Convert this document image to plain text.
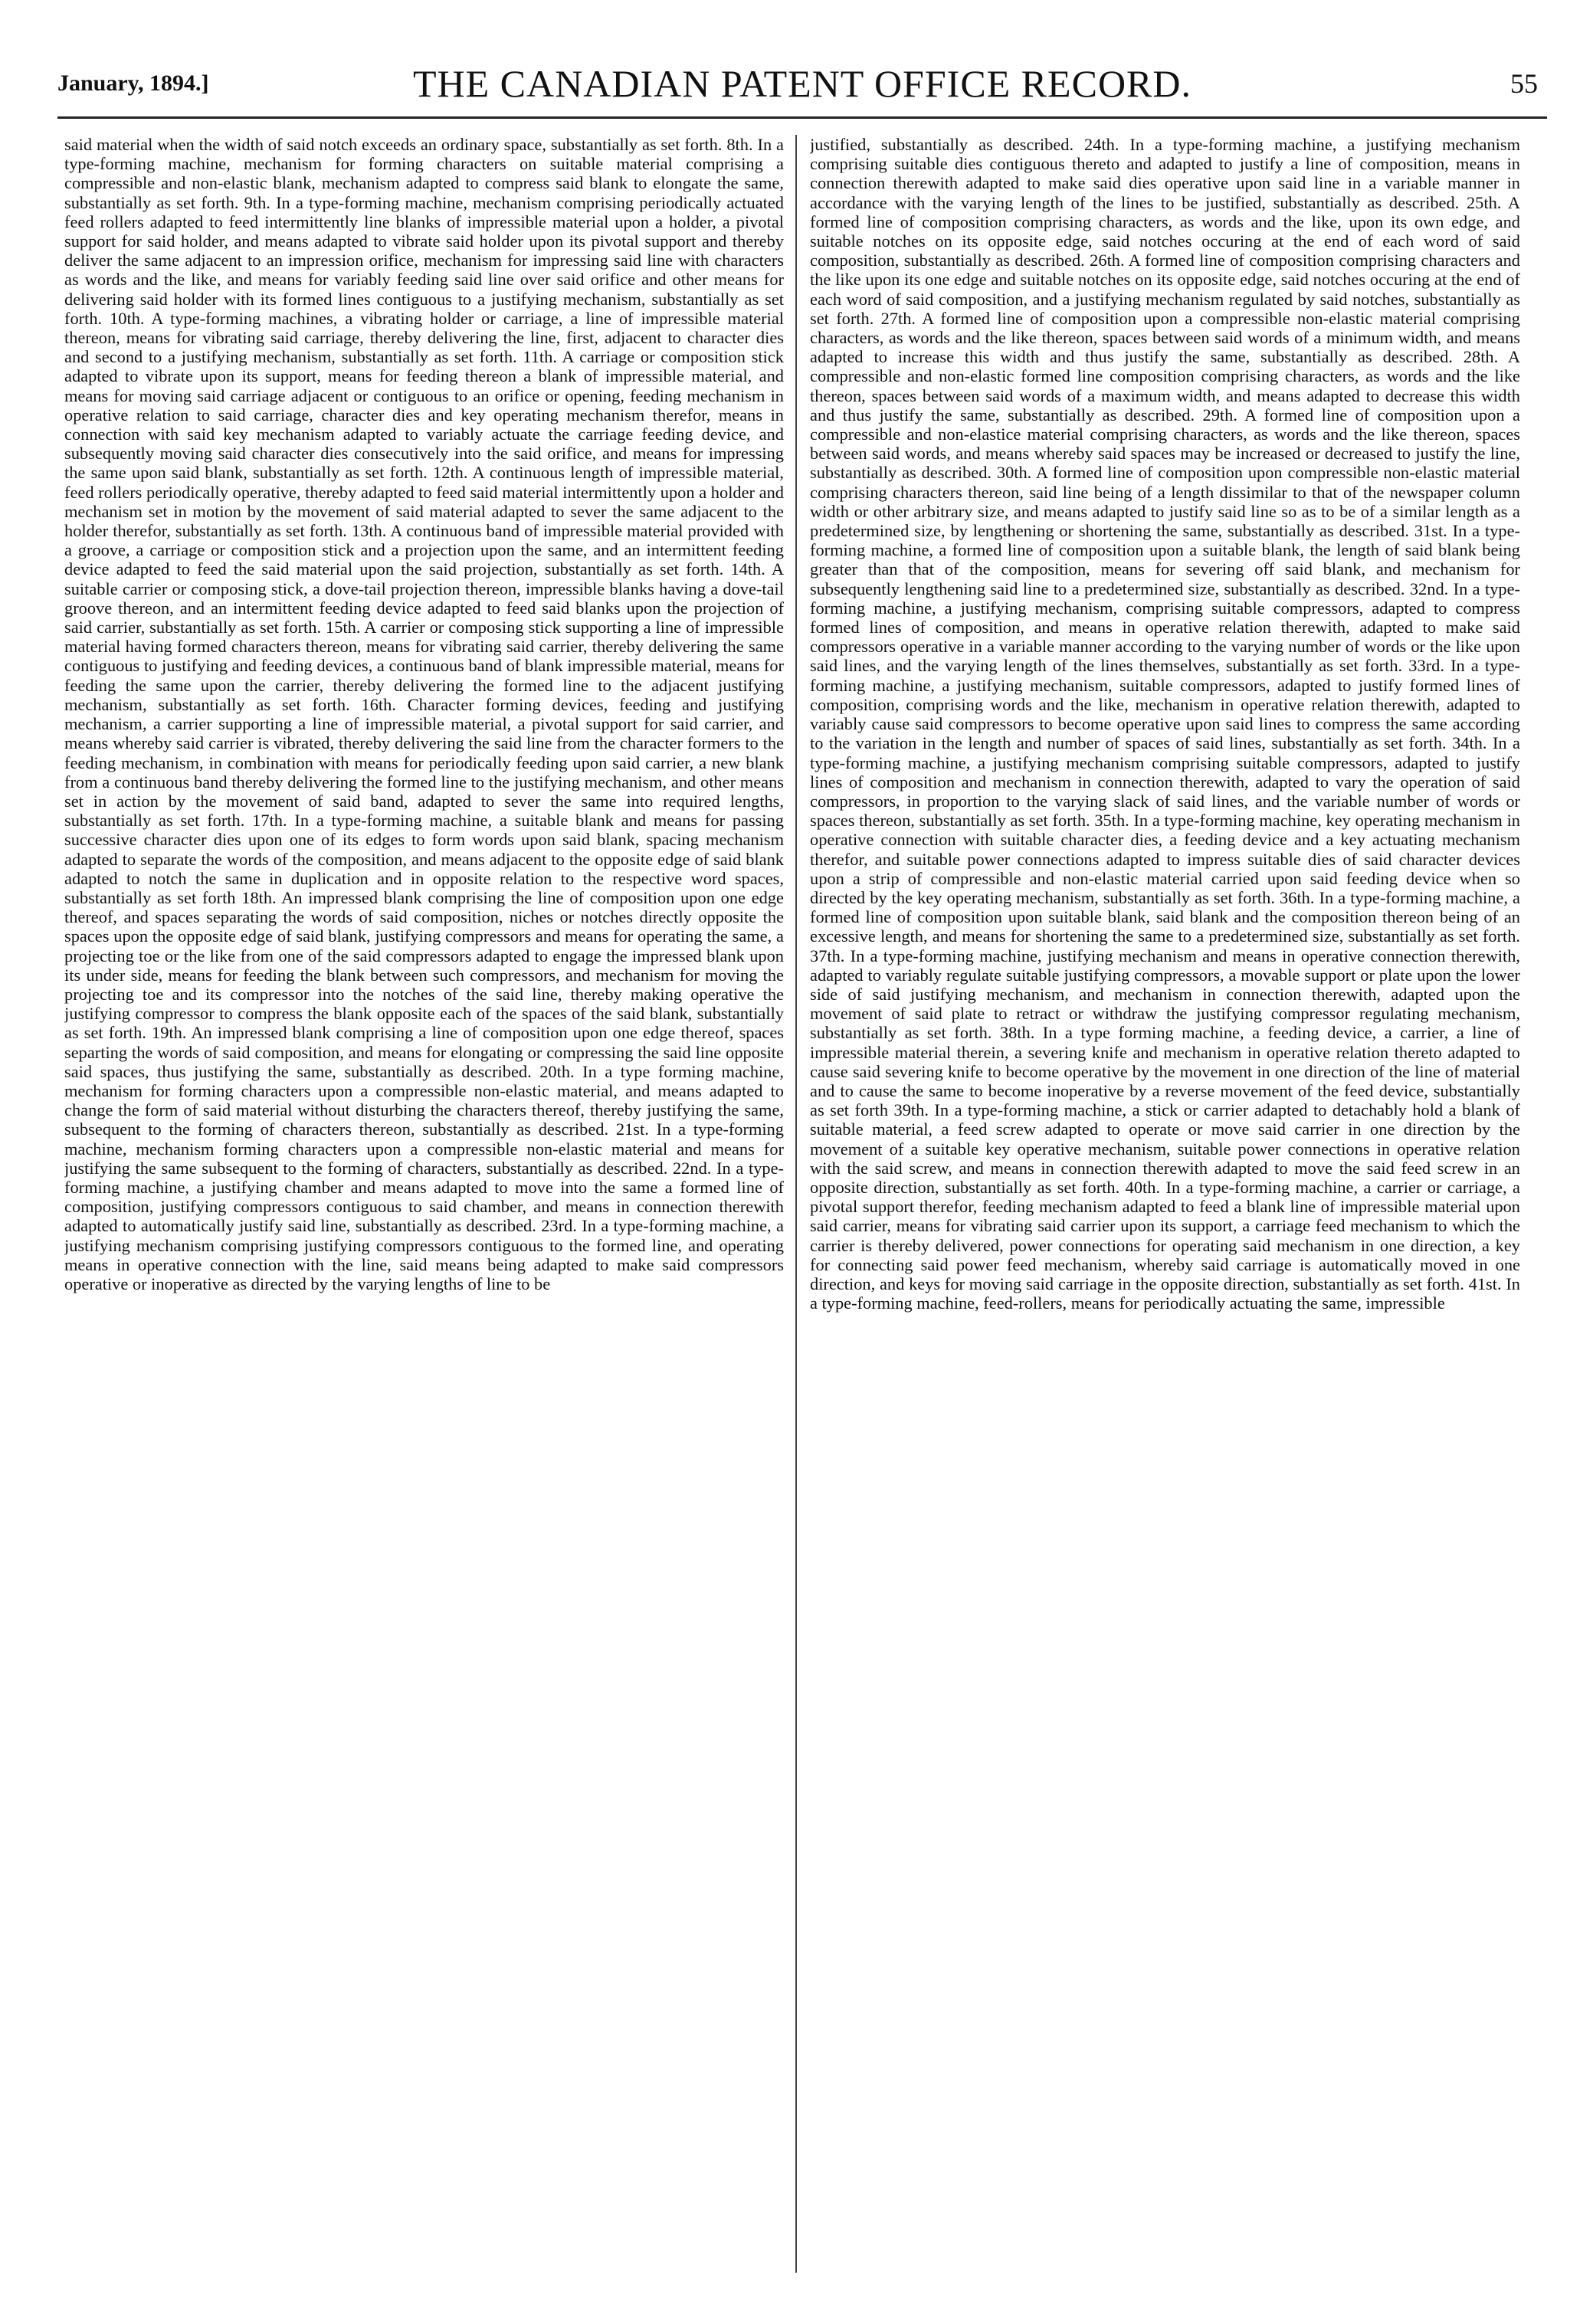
January, 1894.]	THE CANADIAN PATENT OFFICE RECORD.	55
said material when the width of said notch exceeds an ordinary space, substantially as set forth. 8th. In a type-forming machine, mechanism for forming characters on suitable material comprising a compressible and non-elastic blank, mechanism adapted to compress said blank to elongate the same, substantially as set forth. 9th. In a type-forming machine, mechanism comprising periodically actuated feed rollers adapted to feed intermittently line blanks of impressible material upon a holder, a pivotal support for said holder, and means adapted to vibrate said holder upon its pivotal support and thereby deliver the same adjacent to an impression orifice, mechanism for impressing said line with characters as words and the like, and means for variably feeding said line over said orifice and other means for delivering said holder with its formed lines contiguous to a justifying mechanism, substantially as set forth. 10th. A type-forming machines, a vibrating holder or carriage, a line of impressible material thereon, means for vibrating said carriage, thereby delivering the line, first, adjacent to character dies and second to a justifying mechanism, substantially as set forth. 11th. A carriage or composition stick adapted to vibrate upon its support, means for feeding thereon a blank of impressible material, and means for moving said carriage adjacent or contiguous to an orifice or opening, feeding mechanism in operative relation to said carriage, character dies and key operating mechanism therefor, means in connection with said key mechanism adapted to variably actuate the carriage feeding device, and subsequently moving said character dies consecutively into the said orifice, and means for impressing the same upon said blank, substantially as set forth. 12th. A continuous length of impressible material, feed rollers periodically operative, thereby adapted to feed said material intermittently upon a holder and mechanism set in motion by the movement of said material adapted to sever the same adjacent to the holder therefor, substantially as set forth. 13th. A continuous band of impressible material provided with a groove, a carriage or composition stick and a projection upon the same, and an intermittent feeding device adapted to feed the said material upon the said projection, substantially as set forth. 14th. A suitable carrier or composing stick, a dove-tail projection thereon, impressible blanks having a dove-tail groove thereon, and an intermittent feeding device adapted to feed said blanks upon the projection of said carrier, substantially as set forth. 15th. A carrier or composing stick supporting a line of impressible material having formed characters thereon, means for vibrating said carrier, thereby delivering the same contiguous to justifying and feeding devices, a continuous band of blank impressible material, means for feeding the same upon the carrier, thereby delivering the formed line to the adjacent justifying mechanism, substantially as set forth. 16th. Character forming devices, feeding and justifying mechanism, a carrier supporting a line of impressible material, a pivotal support for said carrier, and means whereby said carrier is vibrated, thereby delivering the said line from the character formers to the feeding mechanism, in combination with means for periodically feeding upon said carrier, a new blank from a continuous band thereby delivering the formed line to the justifying mechanism, and other means set in action by the movement of said band, adapted to sever the same into required lengths, substantially as set forth. 17th. In a type-forming machine, a suitable blank and means for passing successive character dies upon one of its edges to form words upon said blank, spacing mechanism adapted to separate the words of the composition, and means adjacent to the opposite edge of said blank adapted to notch the same in duplication and in opposite relation to the respective word spaces, substantially as set forth 18th. An impressed blank comprising the line of composition upon one edge thereof, and spaces separating the words of said composition, niches or notches directly opposite the spaces upon the opposite edge of said blank, justifying compressors and means for operating the same, a projecting toe or the like from one of the said compressors adapted to engage the impressed blank upon its under side, means for feeding the blank between such compressors, and mechanism for moving the projecting toe and its compressor into the notches of the said line, thereby making operative the justifying compressor to compress the blank opposite each of the spaces of the said blank, substantially as set forth. 19th. An impressed blank comprising a line of composition upon one edge thereof, spaces separting the words of said composition, and means for elongating or compressing the said line opposite said spaces, thus justifying the same, substantially as described. 20th. In a type forming machine, mechanism for forming characters upon a compressible non-elastic material, and means adapted to change the form of said material without disturbing the characters thereof, thereby justifying the same, subsequent to the forming of characters thereon, substantially as described. 21st. In a type-forming machine, mechanism forming characters upon a compressible non-elastic material and means for justifying the same subsequent to the forming of characters, substantially as described. 22nd. In a type-forming machine, a justifying chamber and means adapted to move into the same a formed line of composition, justifying compressors contiguous to said chamber, and means in connection therewith adapted to automatically justify said line, substantially as described. 23rd. In a type-forming machine, a justifying mechanism comprising justifying compressors contiguous to the formed line, and operating means in operative connection with the line, said means being adapted to make said compressors operative or inoperative as directed by the varying lengths of line to be
justified, substantially as described. 24th. In a type-forming machine, a justifying mechanism comprising suitable dies contiguous thereto and adapted to justify a line of composition, means in connection therewith adapted to make said dies operative upon said line in a variable manner in accordance with the varying length of the lines to be justified, substantially as described. 25th. A formed line of composition comprising characters, as words and the like, upon its own edge, and suitable notches on its opposite edge, said notches occuring at the end of each word of said composition, substantially as described. 26th. A formed line of composition comprising characters and the like upon its one edge and suitable notches on its opposite edge, said notches occuring at the end of each word of said composition, and a justifying mechanism regulated by said notches, substantially as set forth. 27th. A formed line of composition upon a compressible non-elastic material comprising characters, as words and the like thereon, spaces between said words of a minimum width, and means adapted to increase this width and thus justify the same, substantially as described. 28th. A compressible and non-elastic formed line composition comprising characters, as words and the like thereon, spaces between said words of a maximum width, and means adapted to decrease this width and thus justify the same, substantially as described. 29th. A formed line of composition upon a compressible and non-elastice material comprising characters, as words and the like thereon, spaces between said words, and means whereby said spaces may be increased or decreased to justify the line, substantially as described. 30th. A formed line of composition upon compressible non-elastic material comprising characters thereon, said line being of a length dissimilar to that of the newspaper column width or other arbitrary size, and means adapted to justify said line so as to be of a similar length as a predetermined size, by lengthening or shortening the same, substantially as described. 31st. In a type-forming machine, a formed line of composition upon a suitable blank, the length of said blank being greater than that of the composition, means for severing off said blank, and mechanism for subsequently lengthening said line to a predetermined size, substantially as described. 32nd. In a type-forming machine, a justifying mechanism, comprising suitable compressors, adapted to compress formed lines of composition, and means in operative relation therewith, adapted to make said compressors operative in a variable manner according to the varying number of words or the like upon said lines, and the varying length of the lines themselves, substantially as set forth. 33rd. In a type-forming machine, a justifying mechanism, suitable compressors, adapted to justify formed lines of composition, comprising words and the like, mechanism in operative relation therewith, adapted to variably cause said compressors to become operative upon said lines to compress the same according to the variation in the length and number of spaces of said lines, substantially as set forth. 34th. In a type-forming machine, a justifying mechanism comprising suitable compressors, adapted to justify lines of composition and mechanism in connection therewith, adapted to vary the operation of said compressors, in proportion to the varying slack of said lines, and the variable number of words or spaces thereon, substantially as set forth. 35th. In a type-forming machine, key operating mechanism in operative connection with suitable character dies, a feeding device and a key actuating mechanism therefor, and suitable power connections adapted to impress suitable dies of said character devices upon a strip of compressible and non-elastic material carried upon said feeding device when so directed by the key operating mechanism, substantially as set forth. 36th. In a type-forming machine, a formed line of composition upon suitable blank, said blank and the composition thereon being of an excessive length, and means for shortening the same to a predetermined size, substantially as set forth. 37th. In a type-forming machine, justifying mechanism and means in operative connection therewith, adapted to variably regulate suitable justifying compressors, a movable support or plate upon the lower side of said justifying mechanism, and mechanism in connection therewith, adapted upon the movement of said plate to retract or withdraw the justifying compressor regulating mechanism, substantially as set forth. 38th. In a type forming machine, a feeding device, a carrier, a line of impressible material therein, a severing knife and mechanism in operative relation thereto adapted to cause said severing knife to become operative by the movement in one direction of the line of material and to cause the same to become inoperative by a reverse movement of the feed device, substantially as set forth 39th. In a type-forming machine, a stick or carrier adapted to detachably hold a blank of suitable material, a feed screw adapted to operate or move said carrier in one direction by the movement of a suitable key operative mechanism, suitable power connections in operative relation with the said screw, and means in connection therewith adapted to move the said feed screw in an opposite direction, substantially as set forth. 40th. In a type-forming machine, a carrier or carriage, a pivotal support therefor, feeding mechanism adapted to feed a blank line of impressible material upon said carrier, means for vibrating said carrier upon its support, a carriage feed mechanism to which the carrier is thereby delivered, power connections for operating said mechanism in one direction, a key for connecting said power feed mechanism, whereby said carriage is automatically moved in one direction, and keys for moving said carriage in the opposite direction, substantially as set forth. 41st. In a type-forming machine, feed-rollers, means for periodically actuating the same, impressible
